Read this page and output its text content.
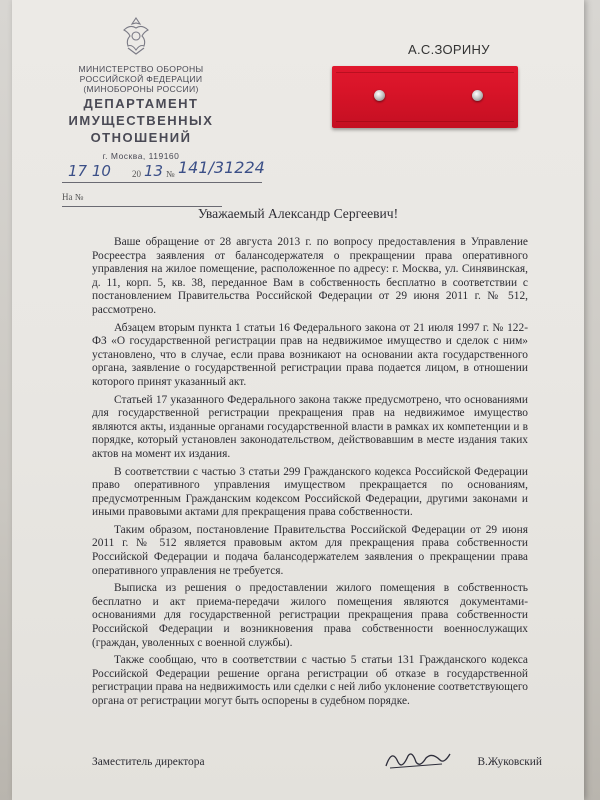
МИНИСТЕРСТВО ОБОРОНЫ
РОССИЙСКОЙ ФЕДЕРАЦИИ
(МИНОБОРОНЫ РОССИИ)
ДЕПАРТАМЕНТ
ИМУЩЕСТВЕННЫХ
ОТНОШЕНИЙ
г. Москва, 119160
17 10 20 13 № 141/31224
На №
А.С.ЗОРИНУ
Уважаемый Александр Сергеевич!

Ваше обращение от 28 августа 2013 г. по вопросу предоставления в Управление Росреестра заявления от балансодержателя о прекращении права оперативного управления на жилое помещение, расположенное по адресу: г. Москва, ул. Синявинская, д. 11, корп. 5, кв. 38, переданное Вам в собственность бесплатно в соответствии с постановлением Правительства Российской Федерации от 29 июня 2011 г. № 512, рассмотрено.

Абзацем вторым пункта 1 статьи 16 Федерального закона от 21 июля 1997 г. № 122-ФЗ «О государственной регистрации прав на недвижимое имущество и сделок с ним» установлено, что в случае, если права возникают на основании акта государственного органа, заявление о государственной регистрации права подается лицом, в отношении которого принят указанный акт.

Статьей 17 указанного Федерального закона также предусмотрено, что основаниями для государственной регистрации прекращения прав на недвижимое имущество являются акты, изданные органами государственной власти в рамках их компетенции и в порядке, который установлен законодательством, действовавшим в месте издания таких актов на момент их издания.

В соответствии с частью 3 статьи 299 Гражданского кодекса Российской Федерации право оперативного управления имуществом прекращается по основаниям, предусмотренным Гражданским кодексом Российской Федерации, другими законами и иными правовыми актами для прекращения права собственности.

Таким образом, постановление Правительства Российской Федерации от 29 июня 2011 г. № 512 является правовым актом для прекращения права собственности Российской Федерации и подача балансодержателем заявления о прекращении права оперативного управления не требуется.

Выписка из решения о предоставлении жилого помещения в собственность бесплатно и акт приема-передачи жилого помещения являются документами-основаниями для государственной регистрации прекращения права собственности Российской Федерации и возникновения права собственности военнослужащих (граждан, уволенных с военной службы).

Также сообщаю, что в соответствии с частью 5 статьи 131 Гражданского кодекса Российской Федерации решение органа регистрации об отказе в государственной регистрации права на недвижимость или сделки с ней либо уклонение соответствующего органа от регистрации могут быть оспорены в судебном порядке.

Заместитель директора	В.Жуковский
